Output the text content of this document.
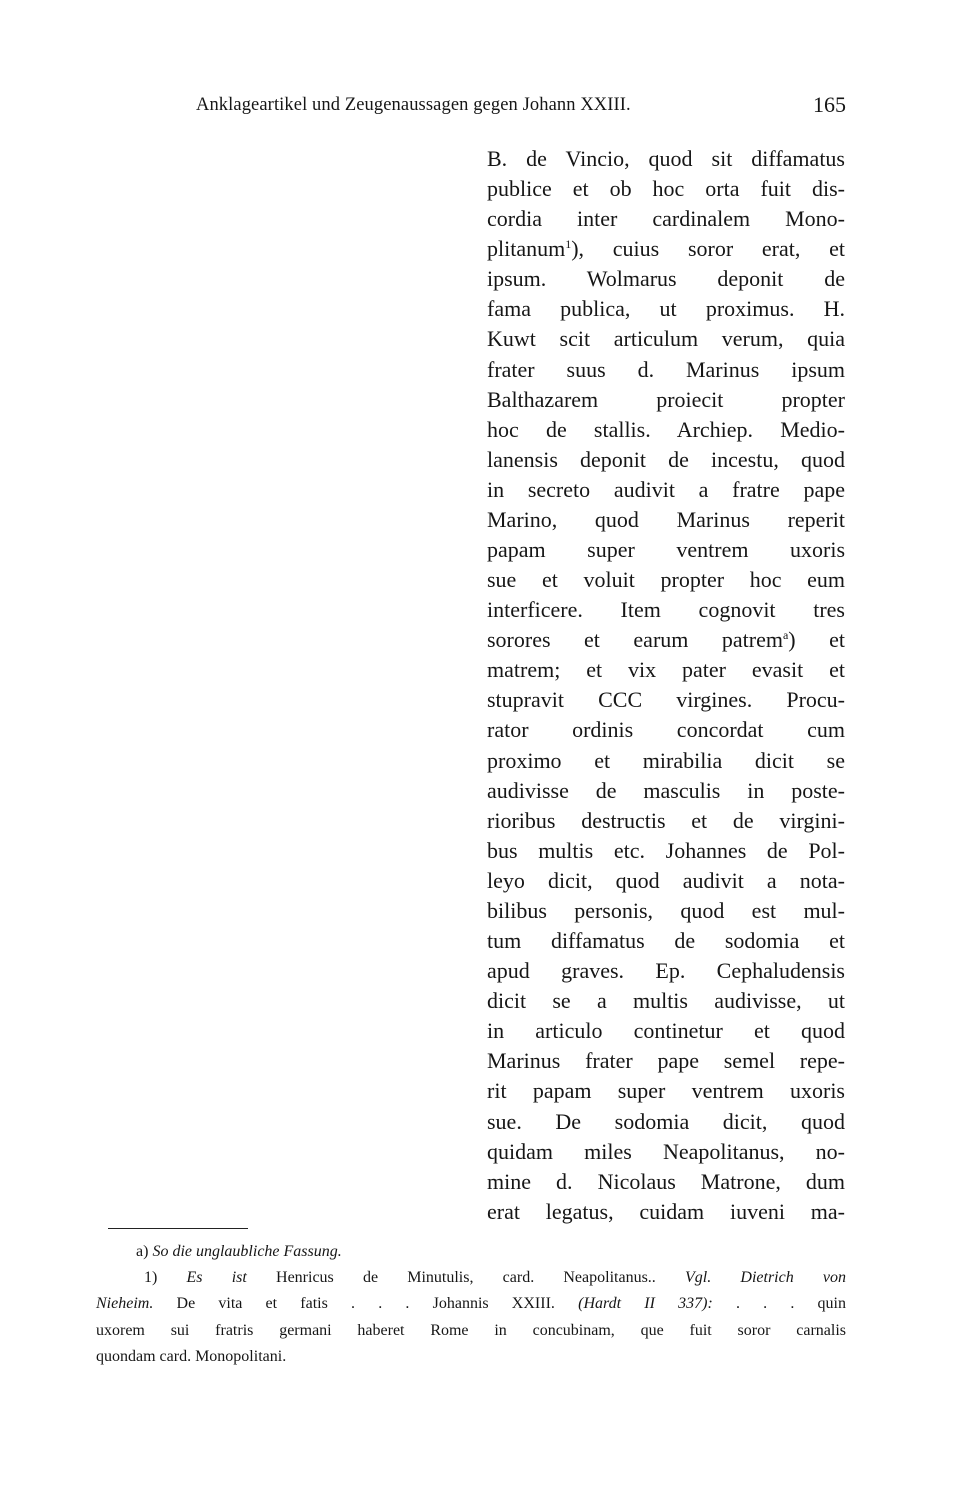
Anklageartikel und Zeugenaussagen gegen Johann XXIII.	165
B. de Vincio, quod sit diffamatus
publice et ob hoc orta fuit dis-
cordia inter cardinalem Mono-
plitanum$^1$), cuius soror erat, et
ipsum. Wolmarus deponit de
fama publica, ut proximus. H.
Kuwt scit articulum verum, quia
frater suus d. Marinus ipsum
Balthazarem proiecit propter
hoc de stallis. Archiep. Medio-
lanensis deponit de incestu, quod
in secreto audivit a fratre pape
Marino, quod Marinus reperit
papam super ventrem uxoris
sue et voluit propter hoc eum
interficere. Item cognovit tres
sorores et earum patrem$^a$) et
matrem; et vix pater evasit et
stupravit CCC virgines. Procu-
rator ordinis concordat cum
proximo et mirabilia dicit se
audivisse de masculis in poste-
rioribus destructis et de virgini-
bus multis etc. Johannes de Pol-
leyo dicit, quod audivit a nota-
bilibus personis, quod est mul-
tum diffamatus de sodomia et
apud graves. Ep. Cephaludensis
dicit se a multis audivisse, ut
in articulo continetur et quod
Marinus frater pape semel repe-
rit papam super ventrem uxoris
sue. De sodomia dicit, quod
quidam miles Neapolitanus, no-
mine d. Nicolaus Matrone, dum
erat legatus, cuidam iuveni ma-
a) So die unglaubliche Fassung.
1) Es ist Henricus de Minutulis, card. Neapolitanus.. Vgl. Dietrich von
Nieheim. De vita et fatis . . . Johannis XXIII. (Hardt II 337): . . . quin
uxorem sui fratris germani haberet Rome in concubinam, que fuit soror carnalis
quondam card. Monopolitani.
